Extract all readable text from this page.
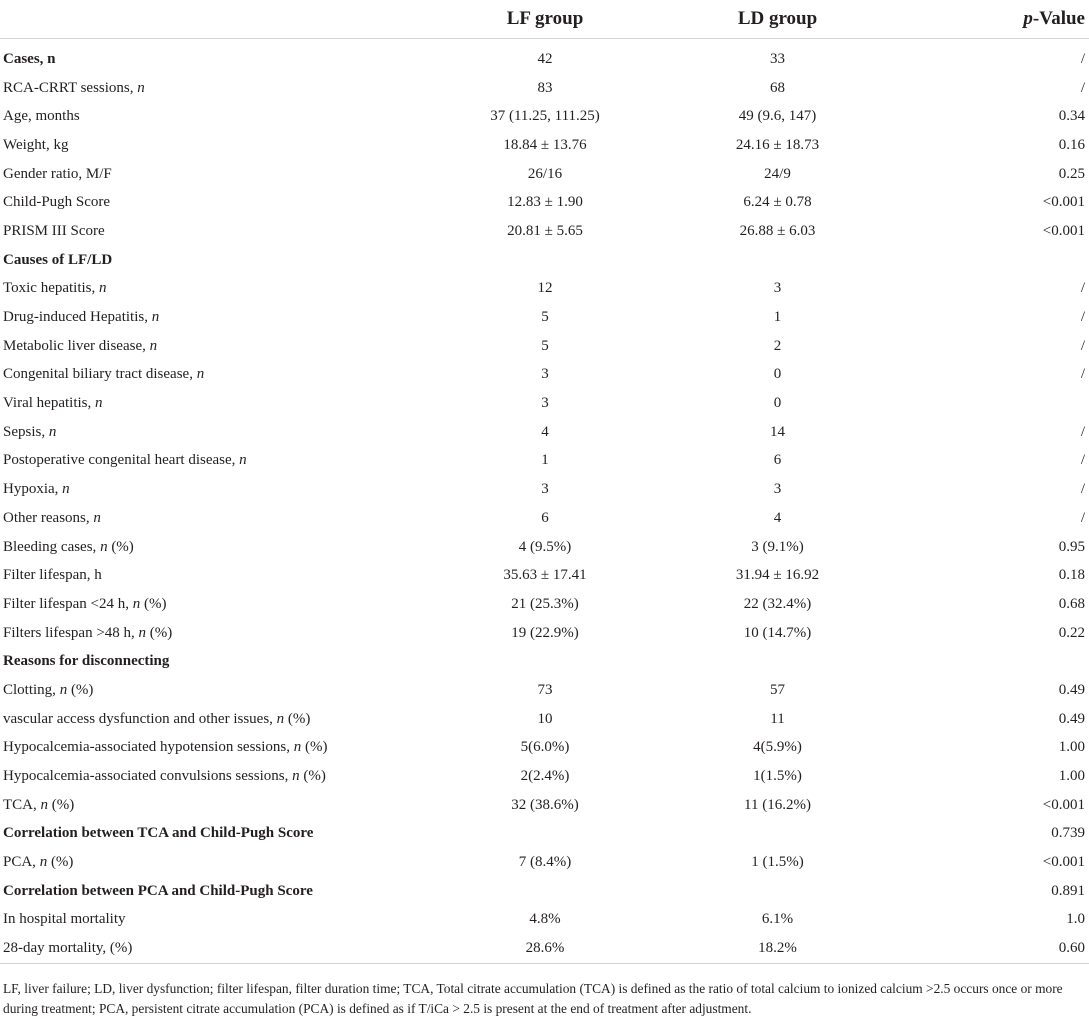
	LF group	LD group	p-Value
Cases, n	42	33	/
RCA-CRRT sessions, n	83	68	/
Age, months	37 (11.25, 111.25)	49 (9.6, 147)	0.34
Weight, kg	18.84 ± 13.76	24.16 ± 18.73	0.16
Gender ratio, M/F	26/16	24/9	0.25
Child-Pugh Score	12.83 ± 1.90	6.24 ± 0.78	<0.001
PRISM III Score	20.81 ± 5.65	26.88 ± 6.03	<0.001
Causes of LF/LD			
Toxic hepatitis, n	12	3	/
Drug-induced Hepatitis, n	5	1	/
Metabolic liver disease, n	5	2	/
Congenital biliary tract disease, n	3	0	/
Viral hepatitis, n	3	0	
Sepsis, n	4	14	/
Postoperative congenital heart disease, n	1	6	/
Hypoxia, n	3	3	/
Other reasons, n	6	4	/
Bleeding cases, n (%)	4 (9.5%)	3 (9.1%)	0.95
Filter lifespan, h	35.63 ± 17.41	31.94 ± 16.92	0.18
Filter lifespan <24 h, n (%)	21 (25.3%)	22 (32.4%)	0.68
Filters lifespan >48 h, n (%)	19 (22.9%)	10 (14.7%)	0.22
Reasons for disconnecting			
Clotting, n (%)	73	57	0.49
vascular access dysfunction and other issues, n (%)	10	11	0.49
Hypocalcemia-associated hypotension sessions, n (%)	5(6.0%)	4(5.9%)	1.00
Hypocalcemia-associated convulsions sessions, n (%)	2(2.4%)	1(1.5%)	1.00
TCA, n (%)	32 (38.6%)	11 (16.2%)	<0.001
Correlation between TCA and Child-Pugh Score			0.739
PCA, n (%)	7 (8.4%)	1 (1.5%)	<0.001
Correlation between PCA and Child-Pugh Score			0.891
In hospital mortality	4.8%	6.1%	1.0
28-day mortality, (%)	28.6%	18.2%	0.60

LF, liver failure; LD, liver dysfunction; filter lifespan, filter duration time; TCA, Total citrate accumulation (TCA) is defined as the ratio of total calcium to ionized calcium >2.5 occurs once or more during treatment; PCA, persistent citrate accumulation (PCA) is defined as if T/iCa > 2.5 is present at the end of treatment after adjustment.
